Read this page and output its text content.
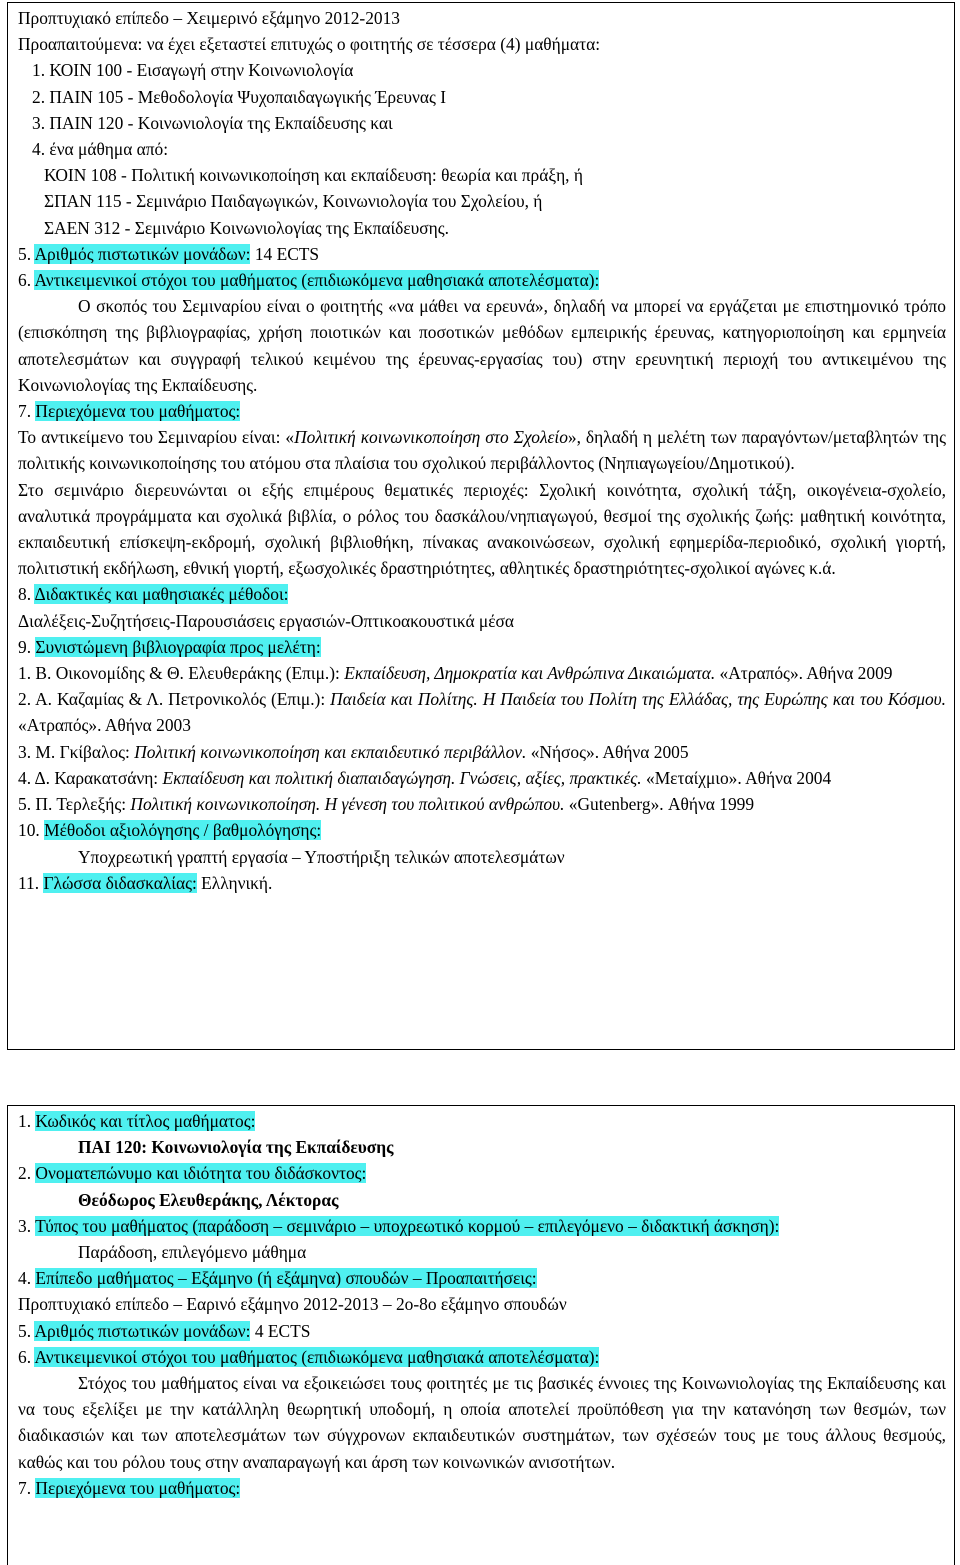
Προπτυχιακό επίπεδο – Χειμερινό εξάμηνο 2012-2013
Προαπαιτούμενα: να έχει εξεταστεί επιτυχώς ο φοιτητής σε τέσσερα (4) μαθήματα:
1. ΚΟΙΝ 100 - Εισαγωγή στην Κοινωνιολογία
2. ΠΑΙΝ 105 - Μεθοδολογία Ψυχοπαιδαγωγικής Έρευνας Ι
3. ΠΑΙΝ 120 - Κοινωνιολογία της Εκπαίδευσης και
4. ένα μάθημα από:
ΚΟΙΝ 108 - Πολιτική κοινωνικοποίηση και εκπαίδευση: θεωρία και πράξη, ή
ΣΠΑΝ 115 - Σεμινάριο Παιδαγωγικών, Κοινωνιολογία του Σχολείου, ή
ΣΑΕΝ 312 - Σεμινάριο Κοινωνιολογίας της Εκπαίδευσης.
5. Αριθμός πιστωτικών μονάδων: 14 ECTS
6. Αντικειμενικοί στόχοι του μαθήματος (επιδιωκόμενα μαθησιακά αποτελέσματα):
Ο σκοπός του Σεμιναρίου είναι ο φοιτητής «να μάθει να ερευνά», δηλαδή να μπορεί να εργάζεται με επιστημονικό τρόπο (επισκόπηση της βιβλιογραφίας, χρήση ποιοτικών και ποσοτικών μεθόδων εμπειρικής έρευνας, κατηγοριοποίηση και ερμηνεία αποτελεσμάτων και συγγραφή τελικού κειμένου της έρευνας-εργασίας του) στην ερευνητική περιοχή του αντικειμένου της Κοινωνιολογίας της Εκπαίδευσης.
7. Περιεχόμενα του μαθήματος:
Το αντικείμενο του Σεμιναρίου είναι: «Πολιτική κοινωνικοποίηση στο Σχολείο», δηλαδή η μελέτη των παραγόντων/μεταβλητών της πολιτικής κοινωνικοποίησης του ατόμου στα πλαίσια του σχολικού περιβάλλοντος (Νηπιαγωγείου/Δημοτικού).
Στο σεμινάριο διερευνώνται οι εξής επιμέρους θεματικές περιοχές: Σχολική κοινότητα, σχολική τάξη, οικογένεια-σχολείο, αναλυτικά προγράμματα και σχολικά βιβλία, ο ρόλος του δασκάλου/νηπιαγωγού, θεσμοί της σχολικής ζωής: μαθητική κοινότητα, εκπαιδευτική επίσκεψη-εκδρομή, σχολική βιβλιοθήκη, πίνακας ανακοινώσεων, σχολική εφημερίδα-περιοδικό, σχολική γιορτή, πολιτιστική εκδήλωση, εθνική γιορτή, εξωσχολικές δραστηριότητες, αθλητικές δραστηριότητες-σχολικοί αγώνες κ.ά.
8. Διδακτικές και μαθησιακές μέθοδοι:
Διαλέξεις-Συζητήσεις-Παρουσιάσεις εργασιών-Οπτικοακουστικά μέσα
9. Συνιστώμενη βιβλιογραφία προς μελέτη:
1. Β. Οικονομίδης & Θ. Ελευθεράκης (Επιμ.): Εκπαίδευση, Δημοκρατία και Ανθρώπινα Δικαιώματα. «Ατραπός». Αθήνα 2009
2. Α. Καζαμίας & Λ. Πετρονικολός (Επιμ.): Παιδεία και Πολίτης. Η Παιδεία του Πολίτη της Ελλάδας, της Ευρώπης και του Κόσμου. «Ατραπός». Αθήνα 2003
3. Μ. Γκίβαλος: Πολιτική κοινωνικοποίηση και εκπαιδευτικό περιβάλλον. «Νήσος». Αθήνα 2005
4. Δ. Καρακατσάνη: Εκπαίδευση και πολιτική διαπαιδαγώγηση. Γνώσεις, αξίες, πρακτικές. «Μεταίχμιο». Αθήνα 2004
5. Π. Τερλεξής: Πολιτική κοινωνικοποίηση. Η γένεση του πολιτικού ανθρώπου. «Gutenberg». Αθήνα 1999
10. Μέθοδοι αξιολόγησης / βαθμολόγησης:
Υποχρεωτική γραπτή εργασία – Υποστήριξη τελικών αποτελεσμάτων
11. Γλώσσα διδασκαλίας: Ελληνική.
1. Κωδικός και τίτλος μαθήματος:
ΠΑΙ 120: Κοινωνιολογία της Εκπαίδευσης
2. Ονοματεπώνυμο και ιδιότητα του διδάσκοντος:
Θεόδωρος Ελευθεράκης, Λέκτορας
3. Τύπος του μαθήματος (παράδοση – σεμινάριο – υποχρεωτικό κορμού – επιλεγόμενο – διδακτική άσκηση):
Παράδοση, επιλεγόμενο μάθημα
4. Επίπεδο μαθήματος – Εξάμηνο (ή εξάμηνα) σπουδών – Προαπαιτήσεις:
Προπτυχιακό επίπεδο – Εαρινό εξάμηνο 2012-2013 – 2ο-8ο εξάμηνο σπουδών
5. Αριθμός πιστωτικών μονάδων: 4 ECTS
6. Αντικειμενικοί στόχοι του μαθήματος (επιδιωκόμενα μαθησιακά αποτελέσματα):
Στόχος του μαθήματος είναι να εξοικειώσει τους φοιτητές με τις βασικές έννοιες της Κοινωνιολογίας της Εκπαίδευσης και να τους εξελίξει με την κατάλληλη θεωρητική υποδομή, η οποία αποτελεί προϋπόθεση για την κατανόηση των θεσμών, των διαδικασιών και των αποτελεσμάτων των σύγχρονων εκπαιδευτικών συστημάτων, των σχέσεών τους με τους άλλους θεσμούς, καθώς και του ρόλου τους στην αναπαραγωγή και άρση των κοινωνικών ανισοτήτων.
7. Περιεχόμενα του μαθήματος:
